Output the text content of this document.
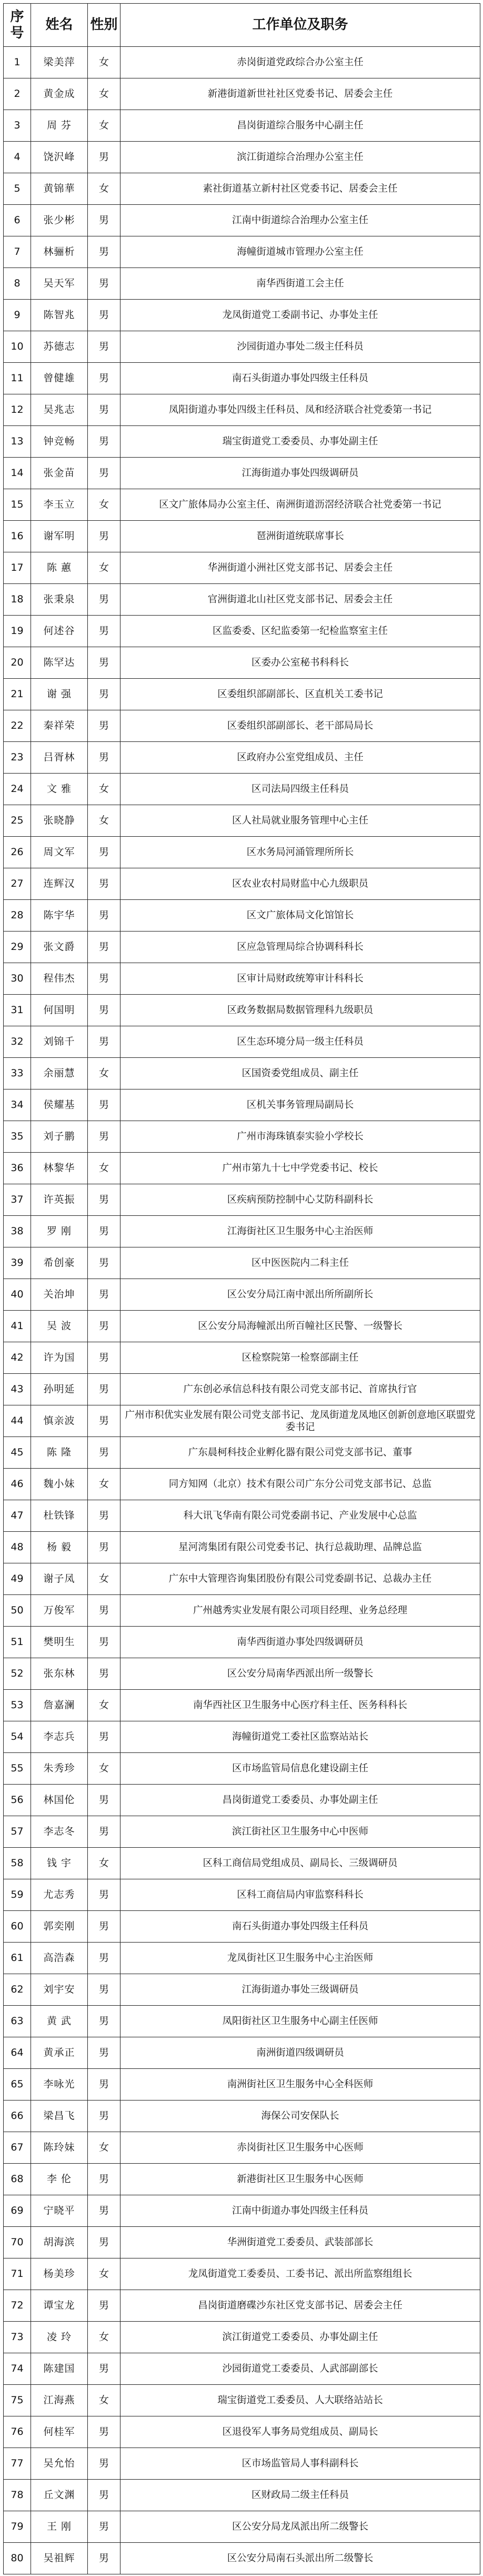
序号	姓名	性别	工作单位及职务
1	梁美萍	女	赤岗街道党政综合办公室主任
2	黄金成	女	新港街道新世社社区党委书记、居委会主任
3	周 芬	女	昌岗街道综合服务中心副主任
4	饶沢峰	男	滨江街道综合治理办公室主任
5	黄锦華	女	素社街道基立新村社区党委书记、居委会主任
6	张少彬	男	江南中街道综合治理办公室主任
7	林骊析	男	海幢街道城市管理办公室主任
8	吴天军	男	南华西街道工会主任
9	陈智兆	男	龙凤街道党工委副书记、办事处主任
10	苏德志	男	沙园街道办事处二级主任科员
11	曾健雄	男	南石头街道办事处四级主任科员
12	吴兆志	男	凤阳街道办事处四级主任科员、凤和经济联合社党委第一书记
13	钟竞畅	男	瑞宝街道党工委委员、办事处副主任
14	张金苗	男	江海街道办事处四级调研员
15	李玉立	女	区文广旅体局办公室主任、南洲街道沥滘经济联合社党委第一书记
16	谢军明	男	琶洲街道统联席事长
17	陈 蕙	女	华洲街道小洲社区党支部书记、居委会主任
18	张秉泉	男	官洲街道北山社区党支部书记、居委会主任
19	何述谷	男	区监委委、区纪监委第一纪检监察室主任
20	陈罕达	男	区委办公室秘书科科长
21	谢 强	男	区委组织部副部长、区直机关工委书记
22	秦祥荣	男	区委组织部副部长、老干部局局长
23	吕胥林	男	区政府办公室党组成员、主任
24	文 雅	女	区司法局四级主任科员
25	张晓静	女	区人社局就业服务管理中心主任
26	周文军	男	区水务局河涌管理所所长
27	连辉汉	男	区农业农村局财监中心九级职员
28	陈宇华	男	区文广旅体局文化馆馆长
29	张文爵	男	区应急管理局综合协调科科长
30	程伟杰	男	区审计局财政统筹审计科科长
31	何国明	男	区政务数据局数据管理科九级职员
32	刘锦千	男	区生态环境分局一级主任科员
33	余丽慧	女	区国资委党组成员、副主任
34	侯耀基	男	区机关事务管理局副局长
35	刘子鹏	男	广州市海珠镇泰实验小学校长
36	林黎华	女	广州市第九十七中学党委书记、校长
37	许英振	男	区疾病预防控制中心艾防科副科长
38	罗 刚	男	江海街社区卫生服务中心主治医师
39	希创豪	男	区中医医院内二科主任
40	关治坤	男	区公安分局江南中派出所所副所长
41	吴 波	男	区公安分局海幢派出所百幢社区民警、一级警长
42	许为国	男	区检察院第一检察部副主任
43	孙明延	男	广东创必承信总科技有限公司党支部书记、首席执行官
44	慎亲波	男	广州市积优实业发展有限公司党支部书记、龙凤街道龙凤地区创新创意地区联盟党委书记
45	陈 隆	男	广东晨柯科技企业孵化器有限公司党支部书记、董事
46	魏小妹	女	同方知网（北京）技术有限公司广东分公司党支部书记、总监
47	杜铁锋	男	科大讯飞华南有限公司党委副书记、产业发展中心总监
48	杨 毅	男	星河湾集团有限公司党委书记、执行总裁助理、品牌总监
49	谢子凤	女	广东中大管理咨询集团股份有限公司党委副书记、总裁办主任
50	万俊军	男	广州越秀实业发展有限公司项目经理、业务总经理
51	樊明生	男	南华西街道办事处四级调研员
52	张东林	男	区公安分局南华西派出所一级警长
53	詹嘉澜	女	南华西社区卫生服务中心医疗科主任、医务科科长
54	李志兵	男	海幢街道党工委社区监察站站长
55	朱秀珍	女	区市场监管局信息化建设副主任
56	林国伦	男	昌岗街道党工委委员、办事处副主任
57	李志冬	男	滨江街社区卫生服务中心中医师
58	钱 宇	女	区科工商信局党组成员、副局长、三级调研员
59	尤志秀	男	区科工商信局内审监察科科长
60	郭奕刚	男	南石头街道办事处四级主任科员
61	高浩森	男	龙凤街社区卫生服务中心主治医师
62	刘宇安	男	江海街道办事处三级调研员
63	黄 武	男	凤阳街社区卫生服务中心副主任医师
64	黄承正	男	南洲街道四级调研员
65	李咏光	男	南洲街社区卫生服务中心全科医师
66	梁昌飞	男	海保公司安保队长
67	陈玲妹	女	赤岗街社区卫生服务中心医师
68	李 伦	男	新港街社区卫生服务中心医师
69	宁晓平	男	江南中街道办事处四级主任科员
70	胡海滨	男	华洲街道党工委委员、武装部部长
71	杨美珍	女	龙凤街道党工委委员、工委书记、派出所监察组组长
72	谭宝龙	男	昌岗街道磨碟沙东社区党支部书记、居委会主任
73	凌 玲	女	滨江街道党工委委员、办事处副主任
74	陈建国	男	沙园街道党工委委员、人武部副部长
75	江海燕	女	瑞宝街道党工委委员、人大联络站站长
76	何桂军	男	区退役军人事务局党组成员、副局长
77	吴允怡	男	区市场监管局人事科副科长
78	丘文渊	男	区财政局二级主任科员
79	王 刚	男	区公安分局龙凤派出所二级警长
80	吴祖辉	男	区公安分局南石头派出所二级警长
